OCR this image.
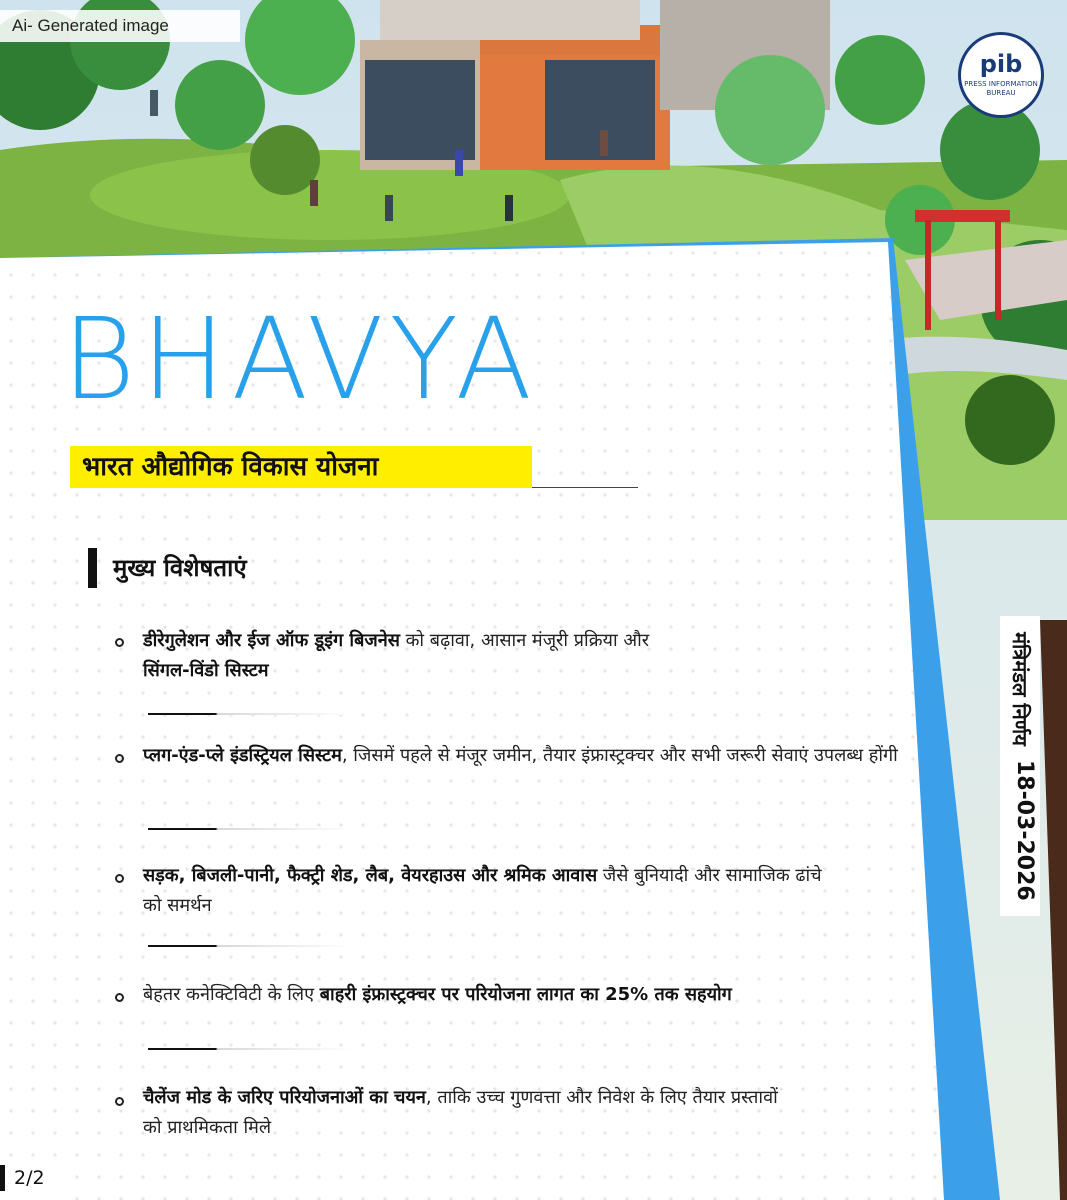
Ai- Generated image
pib
PRESS INFORMATION BUREAU
BHAVYA
भारत औद्योगिक विकास योजना
मुख्य विशेषताएं
डीरेगुलेशन और ईज ऑफ डूइंग बिजनेस को बढ़ावा, आसान मंजूरी प्रक्रिया और
सिंगल-विंडो सिस्टम
प्लग-एंड-प्ले इंडस्ट्रियल सिस्टम, जिसमें पहले से मंजूर जमीन, तैयार इंफ्रास्ट्रक्चर और सभी जरूरी सेवाएं उपलब्ध होंगी
सड़क, बिजली-पानी, फैक्ट्री शेड, लैब, वेयरहाउस और श्रमिक आवास जैसे बुनियादी और सामाजिक ढांचे को समर्थन
बेहतर कनेक्टिविटी के लिए बाहरी इंफ्रास्ट्रक्चर पर परियोजना लागत का 25% तक सहयोग
चैलेंज मोड के जरिए परियोजनाओं का चयन, ताकि उच्च गुणवत्ता और निवेश के लिए तैयार प्रस्तावों को प्राथमिकता मिले
मंत्रिमंडल निर्णय
18-03-2026
2/2
